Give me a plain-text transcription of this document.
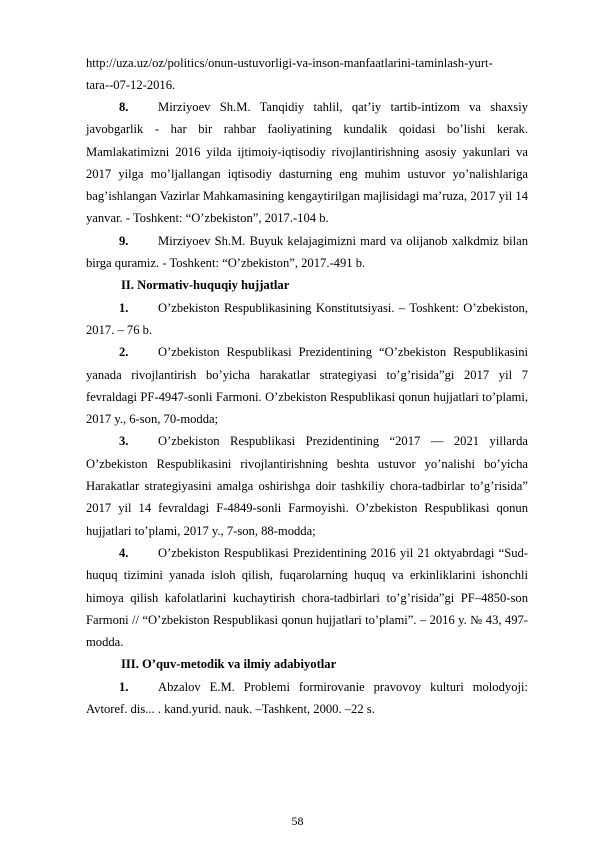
http://uza.uz/oz/politics/onun-ustuvorligi-va-inson-manfaatlarini-taminlash-yurt-

tara--07-12-2016.

8. Mirziyoev Sh.M. Tanqidiy tahlil, qat’iy tartib-intizom va shaxsiy javobgarlik - har bir rahbar faoliyatining kundalik qoidasi bo’lishi kerak. Mamlakatimizni 2016 yilda ijtimoiy-iqtisodiy rivojlantirishning asosiy yakunlari va 2017 yilga mo’ljallangan iqtisodiy dasturning eng muhim ustuvor yo’nalishlariga bag’ishlangan Vazirlar Mahkamasining kengaytirilgan majlisidagi ma’ruza, 2017 yil 14 yanvar. - Toshkent: “O’zbekiston”, 2017.-104 b.

9. Mirziyoev Sh.M. Buyuk kelajagimizni mard va olijanob xalkdmiz bilan birga quramiz. - Toshkent: “O’zbekiston”, 2017.-491 b.

II. Normativ-huquqiy hujjatlar

1. O’zbekiston Respublikasining Konstitutsiyasi. – Toshkent: O’zbekiston, 2017. – 76 b.

2. O’zbekiston Respublikasi Prezidentining “O’zbekiston Respublikasini yanada rivojlantirish bo’yicha harakatlar strategiyasi to’g’risida”gi 2017 yil 7 fevraldagi PF-4947-sonli Farmoni. O’zbekiston Respublikasi qonun hujjatlari to’plami, 2017 y., 6-son, 70-modda;

3. O’zbekiston Respublikasi Prezidentining “2017 — 2021 yillarda O’zbekiston Respublikasini rivojlantirishning beshta ustuvor yo’nalishi bo’yicha Harakatlar strategiyasini amalga oshirishga doir tashkiliy chora-tadbirlar to’g’risida” 2017 yil 14 fevraldagi F-4849-sonli Farmoyishi. O’zbekiston Respublikasi qonun hujjatlari to’plami, 2017 y., 7-son, 88-modda;

4. O’zbekiston Respublikasi Prezidentining 2016 yil 21 oktyabrdagi “Sud-huquq tizimini yanada isloh qilish, fuqarolarning huquq va erkinliklarini ishonchli himoya qilish kafolatlarini kuchaytirish chora-tadbirlari to’g’risida”gi PF–4850-son Farmoni // “O’zbekiston Respublikasi qonun hujjatlari to’plami”. – 2016 y. № 43, 497-modda.

III. O’quv-metodik va ilmiy adabiyotlar

1. Abzalov E.M. Problemi formirovanie pravovoy kulturi molodyoji: Avtoref. dis... . kand.yurid. nauk. –Tashkent, 2000. –22 s.

58
